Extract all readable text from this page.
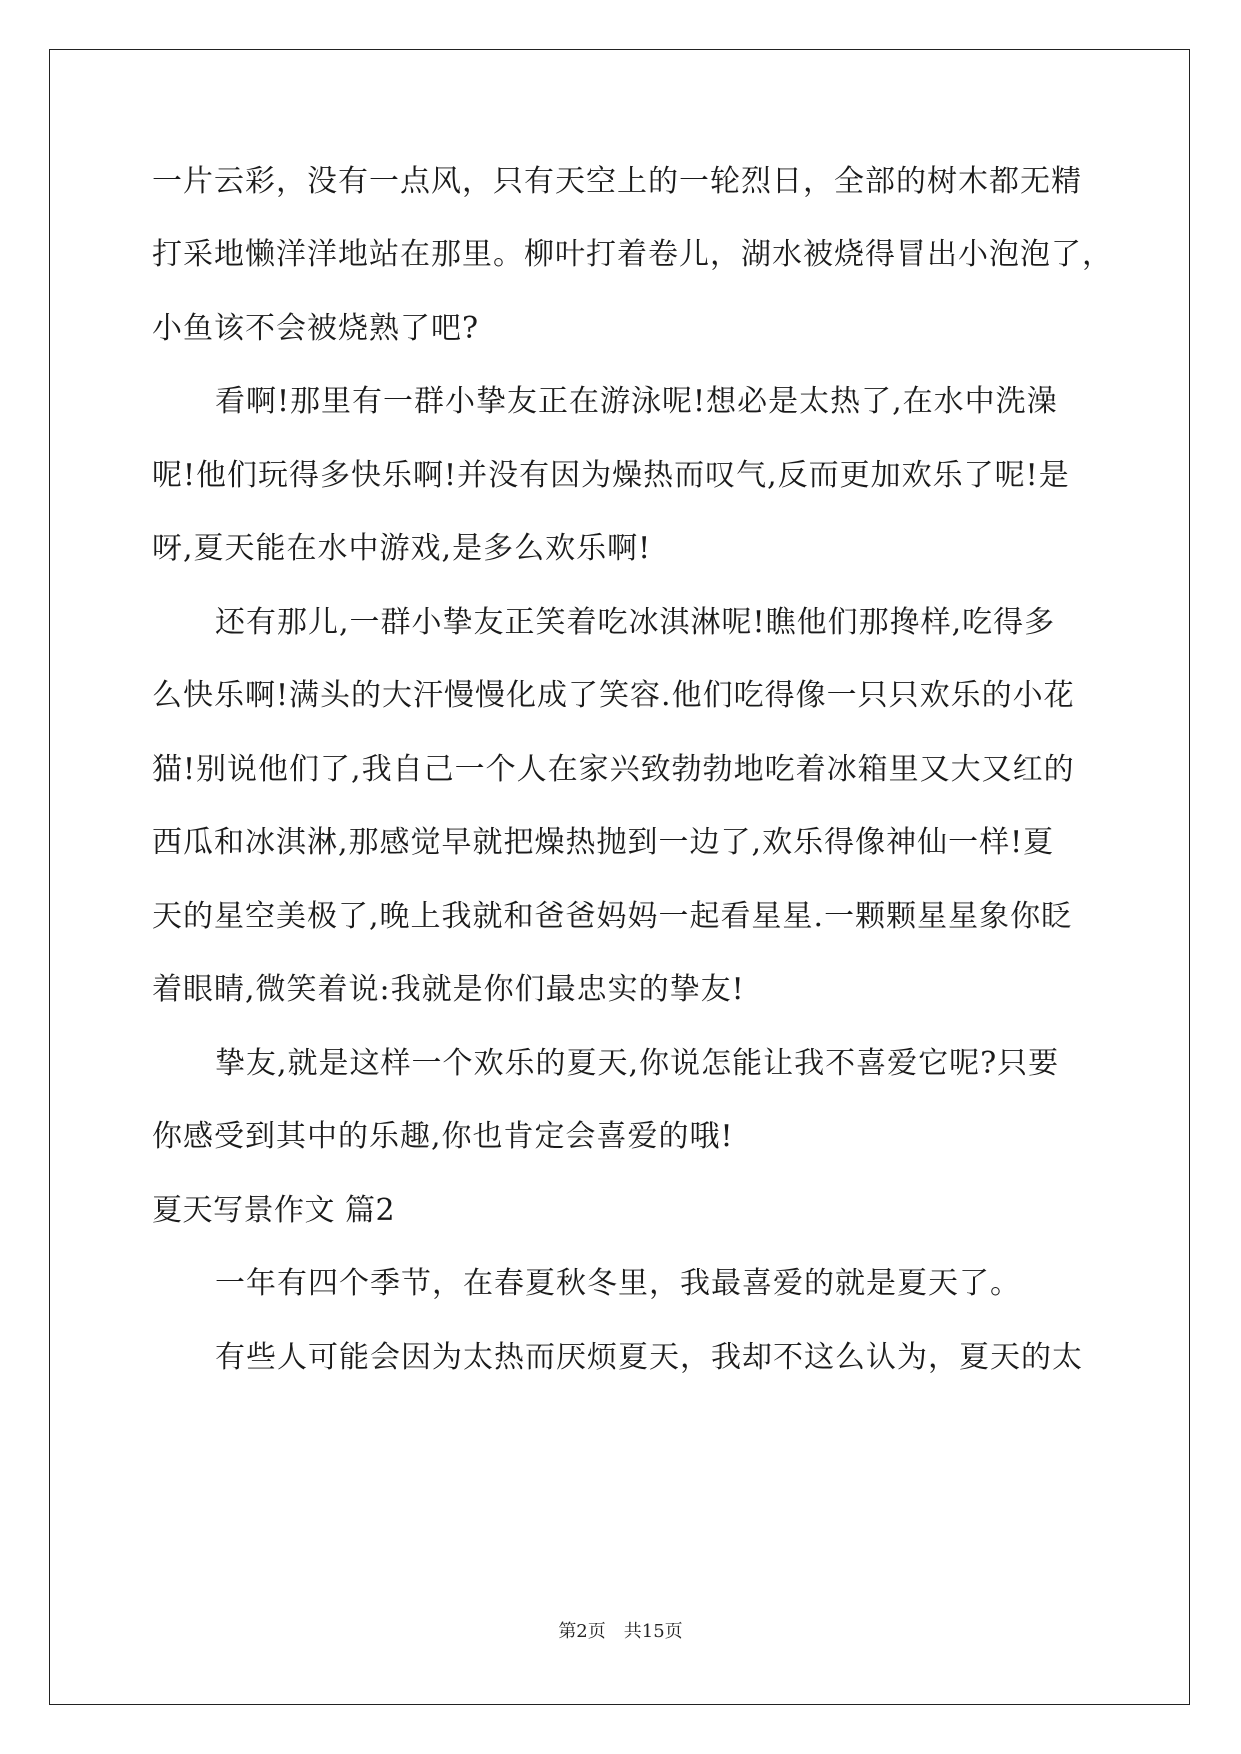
一片云彩，没有一点风，只有天空上的一轮烈日，全部的树木都无精
打采地懒洋洋地站在那里。柳叶打着卷儿，湖水被烧得冒出小泡泡了，
小鱼该不会被烧熟了吧?
看啊!那里有一群小挚友正在游泳呢!想必是太热了,在水中洗澡
呢!他们玩得多快乐啊!并没有因为燥热而叹气,反而更加欢乐了呢!是
呀,夏天能在水中游戏,是多么欢乐啊!
还有那儿,一群小挚友正笑着吃冰淇淋呢!瞧他们那搀样,吃得多
么快乐啊!满头的大汗慢慢化成了笑容.他们吃得像一只只欢乐的小花
猫!别说他们了,我自己一个人在家兴致勃勃地吃着冰箱里又大又红的
西瓜和冰淇淋,那感觉早就把燥热抛到一边了,欢乐得像神仙一样!夏
天的星空美极了,晚上我就和爸爸妈妈一起看星星.一颗颗星星象你眨
着眼睛,微笑着说:我就是你们最忠实的挚友!
挚友,就是这样一个欢乐的夏天,你说怎能让我不喜爱它呢?只要
你感受到其中的乐趣,你也肯定会喜爱的哦!
夏天写景作文 篇2
一年有四个季节，在春夏秋冬里，我最喜爱的就是夏天了。
有些人可能会因为太热而厌烦夏天，我却不这么认为，夏天的太
第2页 共15页
